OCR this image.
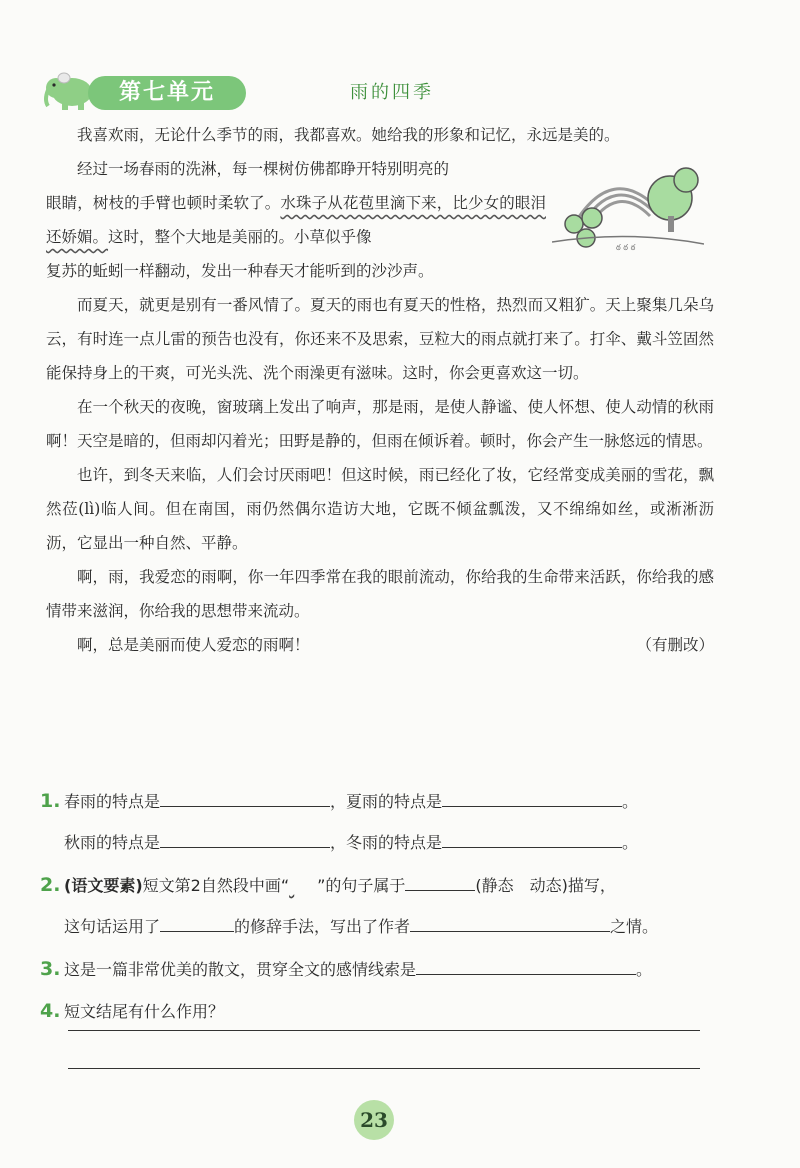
第七单元	雨的四季
ఠ ఠ ఠ

我喜欢雨，无论什么季节的雨，我都喜欢。她给我的形象和记忆，永远是美的。

经过一场春雨的洗淋，每一棵树仿佛都睁开特别明亮的

眼睛，树枝的手臂也顿时柔软了。水珠子从花苞里滴下来，比少女的眼泪还娇媚。这时，整个大地是美丽的。小草似乎像

复苏的蚯蚓一样翻动，发出一种春天才能听到的沙沙声。

而夏天，就更是别有一番风情了。夏天的雨也有夏天的性格，热烈而又粗犷。天上聚集几朵乌云，有时连一点儿雷的预告也没有，你还来不及思索，豆粒大的雨点就打来了。打伞、戴斗笠固然能保持身上的干爽，可光头洗、洗个雨澡更有滋味。这时，你会更喜欢这一切。

在一个秋天的夜晚，窗玻璃上发出了响声，那是雨，是使人静谧、使人怀想、使人动情的秋雨啊！天空是暗的，但雨却闪着光；田野是静的，但雨在倾诉着。顿时，你会产生一脉悠远的情思。

也许，到冬天来临，人们会讨厌雨吧！但这时候，雨已经化了妆，它经常变成美丽的雪花，飘然莅(lì)临人间。但在南国，雨仍然偶尔造访大地，它既不倾盆瓢泼，又不绵绵如丝，或淅淅沥沥，它显出一种自然、平静。

啊，雨，我爱恋的雨啊，你一年四季常在我的眼前流动，你给我的生命带来活跃，你给我的感情带来滋润，你给我的思想带来流动。

啊，总是美丽而使人爱恋的雨啊！	（有删改）
1. 春雨的特点是	，夏雨的特点是	。
秋雨的特点是	，冬雨的特点是	。
2. (语文要素)短文第2自然段中画“ ”的句子属于	(静态　动态)描写，
这句话运用了	的修辞手法，写出了作者	之情。
3. 这是一篇非常优美的散文，贯穿全文的感情线索是	。
4. 短文结尾有什么作用？
23
